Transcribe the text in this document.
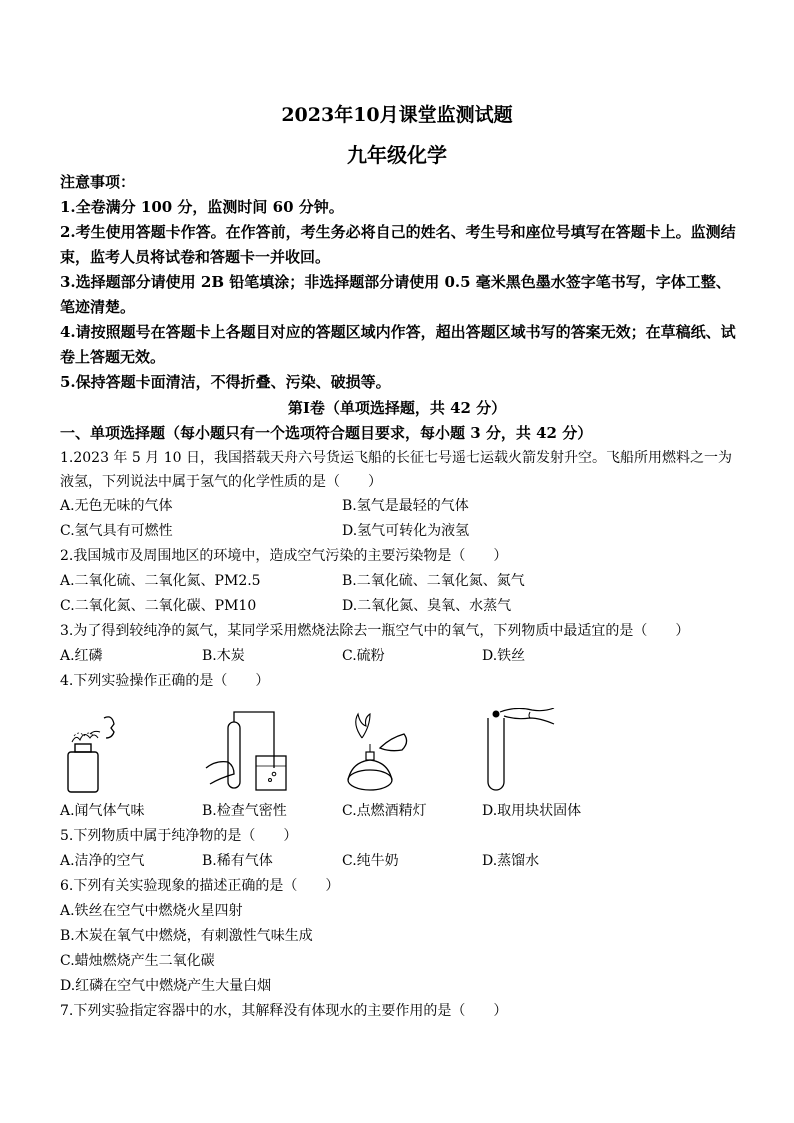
2023年10月课堂监测试题
九年级化学

注意事项：

1.全卷满分 100 分，监测时间 60 分钟。

2.考生使用答题卡作答。在作答前，考生务必将自己的姓名、考生号和座位号填写在答题卡上。监测结束，监考人员将试卷和答题卡一并收回。

3.选择题部分请使用 2B 铅笔填涂；非选择题部分请使用 0.5 毫米黑色墨水签字笔书写，字体工整、笔迹清楚。

4.请按照题号在答题卡上各题目对应的答题区域内作答，超出答题区域书写的答案无效；在草稿纸、试卷上答题无效。

5.保持答题卡面清洁，不得折叠、污染、破损等。

第Ⅰ卷（单项选择题，共 42 分）
一、单项选择题（每小题只有一个选项符合题目要求，每小题 3 分，共 42 分）
1.2023 年 5 月 10 日，我国搭载天舟六号货运飞船的长征七号遥七运载火箭发射升空。飞船所用燃料之一为液氢，下列说法中属于氢气的化学性质的是（　　）
A.无色无味的气体	B.氢气是最轻的气体
C.氢气具有可燃性	D.氢气可转化为液氢
2.我国城市及周围地区的环境中，造成空气污染的主要污染物是（　　）
A.二氧化硫、二氧化氮、PM2.5	B.二氧化硫、二氧化氮、氮气
C.二氧化氮、二氧化碳、PM10	D.二氧化氮、臭氧、水蒸气
3.为了得到较纯净的氮气，某同学采用燃烧法除去一瓶空气中的氧气，下列物质中最适宜的是（　　）
A.红磷	B.木炭	C.硫粉	D.铁丝
4.下列实验操作正确的是（　　）
A.闻气体气味	B.检查气密性	C.点燃酒精灯	D.取用块状固体
5.下列物质中属于纯净物的是（　　）
A.洁净的空气	B.稀有气体	C.纯牛奶	D.蒸馏水
6.下列有关实验现象的描述正确的是（　　）
A.铁丝在空气中燃烧火星四射
B.木炭在氧气中燃烧，有刺激性气味生成
C.蜡烛燃烧产生二氧化碳
D.红磷在空气中燃烧产生大量白烟
7.下列实验指定容器中的水，其解释没有体现水的主要作用的是（　　）
